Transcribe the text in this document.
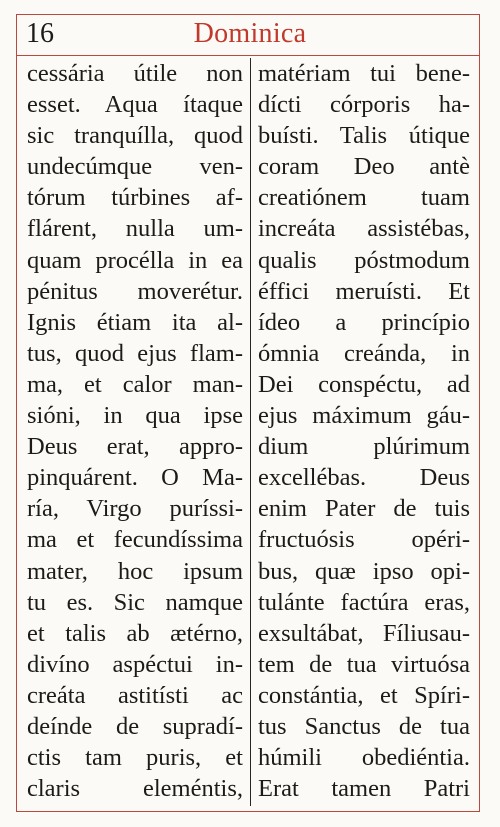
16	Dominica
cessária útile non
esset. Aqua ítaque
sic tranquílla, quod
undecúmque ven-
tórum túrbines af-
flárent, nulla um-
quam procélla in ea
pénitus moverétur.
Ignis étiam ita al-
tus, quod ejus flam-
ma, et calor man-
sióni, in qua ipse
Deus erat, appro-
pinquárent. O Ma-
ría, Virgo puríssi-
ma et fecundíssima
mater, hoc ipsum
tu es. Sic namque
et talis ab ætérno,
divíno aspéctui in-
creáta astitísti ac
deínde de supradí-
ctis tam puris, et
claris eleméntis,
matériam tui bene-
dícti córporis ha-
buísti. Talis útique
coram Deo antè
creatiónem tuam
increáta assistébas,
qualis póstmodum
éffici meruísti. Et
ídeo a princípio
ómnia creánda, in
Dei conspéctu, ad
ejus máximum gáu-
dium plúrimum
excellébas. Deus
enim Pater de tuis
fructuósis opéri-
bus, quæ ipso opi-
tulánte factúra eras,
exsultábat, Fíliusau-
tem de tua virtuósa
constántia, et Spíri-
tus Sanctus de tua
húmili obediéntia.
Erat tamen Patri
